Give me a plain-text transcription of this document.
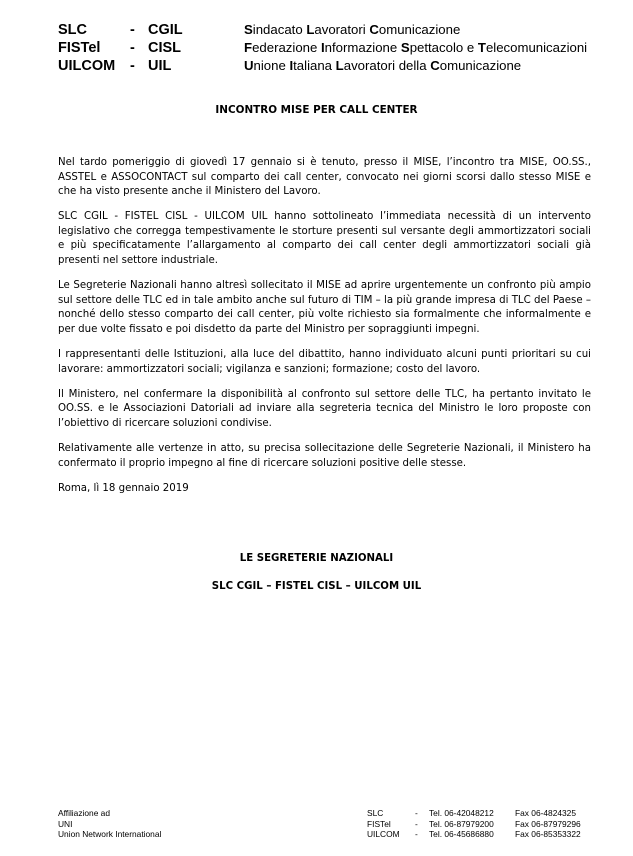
SLC	- CGIL	Sindacato Lavoratori Comunicazione
FISTel	- CISL	Federazione Informazione Spettacolo e Telecomunicazioni
UILCOM	- UIL	Unione Italiana Lavoratori della Comunicazione
INCONTRO MISE PER CALL CENTER

Nel tardo pomeriggio di giovedì 17 gennaio si è tenuto, presso il MISE, l’incontro tra MISE, OO.SS., ASSTEL e ASSOCONTACT sul comparto dei call center, convocato nei giorni scorsi dallo stesso MISE e che ha visto presente anche il Ministero del Lavoro.

SLC CGIL - FISTEL CISL - UILCOM UIL hanno sottolineato l’immediata necessità di un intervento legislativo che corregga tempestivamente le storture presenti sul versante degli ammortizzatori sociali e più specificatamente l’allargamento al comparto dei call center degli ammortizzatori sociali già presenti nel settore industriale.

Le Segreterie Nazionali hanno altresì sollecitato il MISE ad aprire urgentemente un confronto più ampio sul settore delle TLC ed in tale ambito anche sul futuro di TIM – la più grande impresa di TLC del Paese – nonché dello stesso comparto dei call center, più volte richiesto sia formalmente che informalmente e per due volte fissato e poi disdetto da parte del Ministro per sopraggiunti impegni.

I rappresentanti delle Istituzioni, alla luce del dibattito, hanno individuato alcuni punti prioritari su cui lavorare: ammortizzatori sociali; vigilanza e sanzioni; formazione; costo del lavoro.

Il Ministero, nel confermare la disponibilità al confronto sul settore delle TLC, ha pertanto invitato le OO.SS. e le Associazioni Datoriali ad inviare alla segreteria tecnica del Ministro le loro proposte con l’obiettivo di ricercare soluzioni condivise.

Relativamente alle vertenze in atto, su precisa sollecitazione delle Segreterie Nazionali, il Ministero ha confermato il proprio impegno al fine di ricercare soluzioni positive delle stesse.

Roma, lì 18 gennaio 2019

LE SEGRETERIE NAZIONALI
SLC CGIL – FISTEL CISL – UILCOM UIL
Affiliazione ad
UNI
Union Network International
SLC	-	Tel. 06-42048212	Fax 06-4824325
FISTel	-	Tel. 06-87979200	Fax 06-87979296
UILCOM	-	Tel. 06-45686880	Fax 06-85353322
